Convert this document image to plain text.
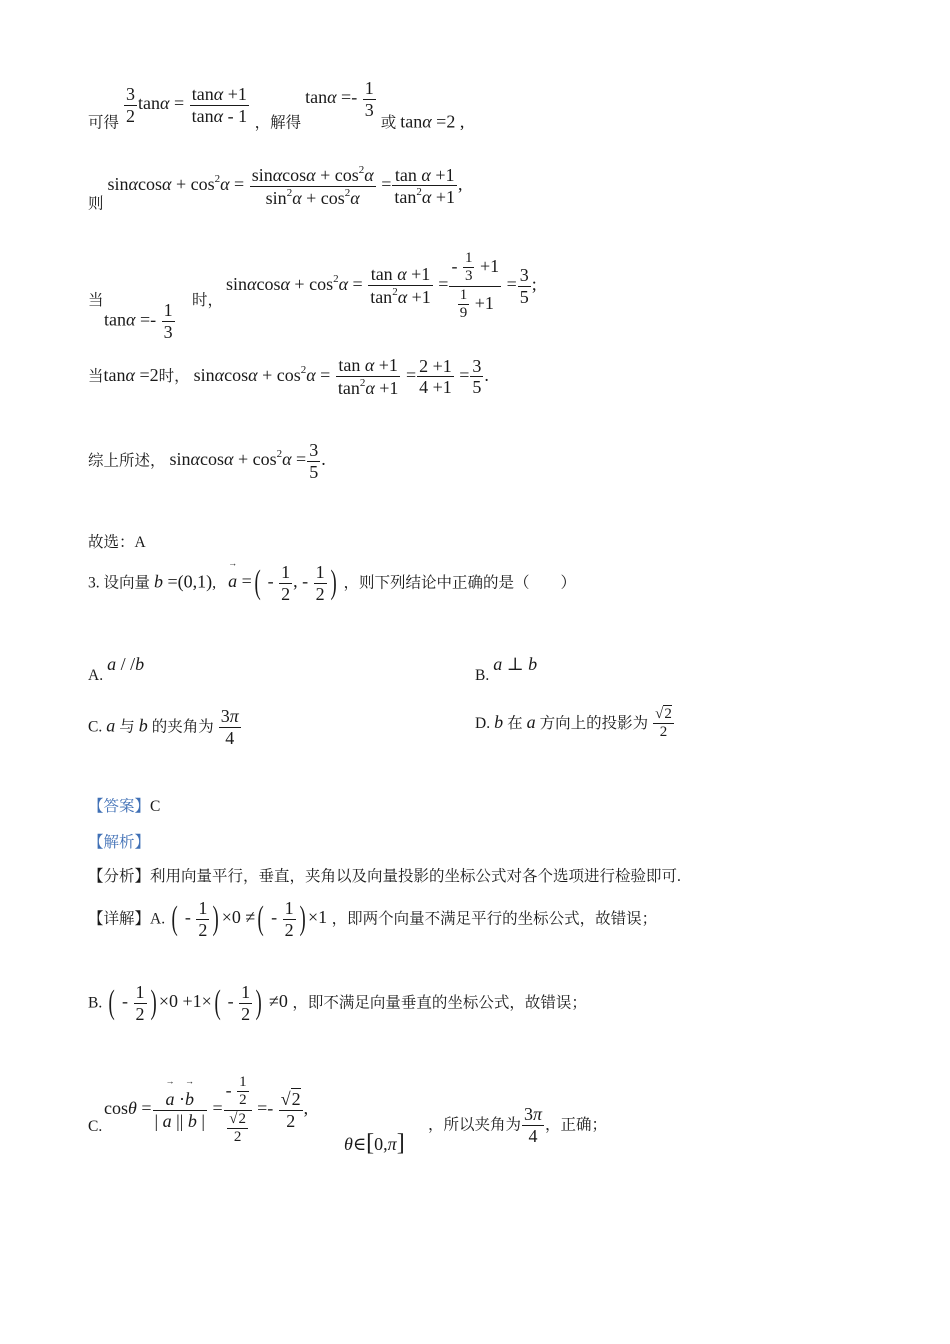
可得 $\frac{3}{2}$ $\tan\alpha = \frac{\tan\alpha +1}{\tan\alpha - 1}$ ，解得 $\tan\alpha =- \frac{1}{3}$
或 tanα =2 ,
则 $\sin\alpha\cos\alpha + \cos^2\alpha = \frac{\sin\alpha\cos\alpha + \cos^2\alpha}{\sin^2\alpha + \cos^2\alpha} = \frac{\text{tan α +1}}{\tan^2\alpha +1}$ ,
当
$\tan\alpha =- \frac{1}{3}$ 时，
$\sin\alpha\cos\alpha + \cos^2\alpha = \frac{\text{tan α +1}}{\tan^2\alpha +1} = \frac{- \frac{1}{3} +1}{\frac{1}{9} +1} = \frac{3}{5}$ ;
当tanα =2时， $\sin\alpha\cos\alpha + \cos^2\alpha = \frac{\text{tan α +1}}{\tan^2\alpha +1} = \frac{2 +1}{4 +1} = \frac{3}{5}$ .
综上所述， $\sin\alpha\cos\alpha + \cos^2\alpha = \frac{3}{5}$ .
故选：A
3. 设向量 b =(0,1), → a =( - $\frac{1}{2}$ , - $\frac{1}{2}$ ) ，则下列结论中正确的是（　　）
A. a / /b
B. a ⊥ b
C. a 与 b 的夹角为 $\frac{3\pi}{4}$	D. b 在 a 方向上的投影为 $\frac{√2}{2}$
【答案】C
【解析】
【分析】利用向量平行，垂直，夹角以及向量投影的坐标公式对各个选项进行检验即可.
【详解】A. ( - $\frac{1}{2}$ ) ×0 ≠( - $\frac{1}{2}$ ) ×1 ，即两个向量不满足平行的坐标公式，故错误；
B. ( - $\frac{1}{2}$ ) $\times 0 +1\times( - \frac{1}{2}$ ) ≠0 ，即不满足向量垂直的坐标公式，故错误；
C.
cosθ =
→ $\frac{a \cdot\to b}{| a || b |} = \frac{- \frac{1}{2}}{\frac{√2}{2}} =- \frac{√2}{2}$ ,
θ∈[0,π]
，所以夹角为 $\frac{3\pi}{4}$ ，正确；
